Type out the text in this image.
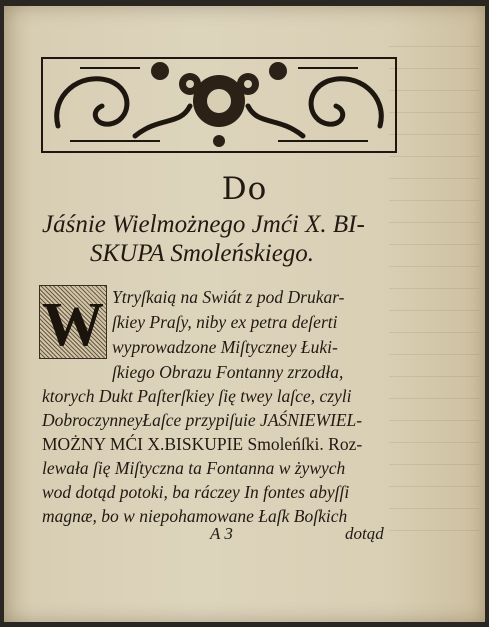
Do
Jáśnie Wielmożnego Jmći X. BI-
SKUPA Smoleńskiego.
W Ytryſkaią na Swiát z pod Drukar-
ſkiey Praſy, niby ex petra deſerti
wyprowadzone Miſtyczney Łuki-
ſkiego Obrazu Fontanny zrzodła,
ktorych Dukt Paſterſkiey ſię twey laſce, czyli
DobroczynneyŁaſce przypiſuie JAŚNIEWIEL-
MOŻNY MĆI X.BISKUPIE Smoleńſki. Roz-
lewała ſię Miſtyczna ta Fontanna w żywych
wod dotąd potoki, ba ráczey In fontes abyſſi
magnæ, bo w niepohamowane Łaſk Boſkich
A 3	dotąd
